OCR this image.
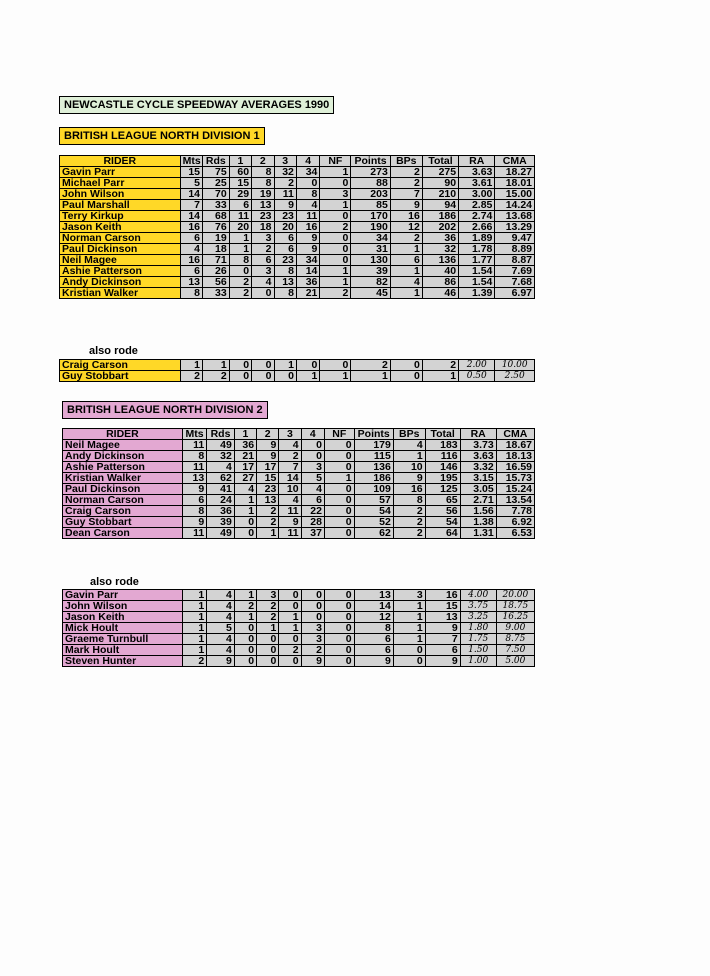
NEWCASTLE CYCLE SPEEDWAY AVERAGES 1990
BRITISH LEAGUE NORTH DIVISION 1
RIDER	Mts	Rds	1	2	3	4	NF	Points	BPs	Total	RA	CMA
Gavin Parr	15	75	60	8	32	34	1	273	2	275	3.63	18.27
Michael Parr	5	25	15	8	2	0	0	88	2	90	3.61	18.01
John Wilson	14	70	29	19	11	8	3	203	7	210	3.00	15.00
Paul Marshall	7	33	6	13	9	4	1	85	9	94	2.85	14.24
Terry Kirkup	14	68	11	23	23	11	0	170	16	186	2.74	13.68
Jason Keith	16	76	20	18	20	16	2	190	12	202	2.66	13.29
Norman Carson	6	19	1	3	6	9	0	34	2	36	1.89	9.47
Paul Dickinson	4	18	1	2	6	9	0	31	1	32	1.78	8.89
Neil Magee	16	71	8	6	23	34	0	130	6	136	1.77	8.87
Ashie Patterson	6	26	0	3	8	14	1	39	1	40	1.54	7.69
Andy Dickinson	13	56	2	4	13	36	1	82	4	86	1.54	7.68
Kristian Walker	8	33	2	0	8	21	2	45	1	46	1.39	6.97
also rode
Craig Carson	1	1	0	0	1	0	0	2	0	2	2.00	10.00
Guy Stobbart	2	2	0	0	0	1	1	1	0	1	0.50	2.50
BRITISH LEAGUE NORTH DIVISION 2
RIDER	Mts	Rds	1	2	3	4	NF	Points	BPs	Total	RA	CMA
Neil Magee	11	49	36	9	4	0	0	179	4	183	3.73	18.67
Andy Dickinson	8	32	21	9	2	0	0	115	1	116	3.63	18.13
Ashie Patterson	11	4	17	17	7	3	0	136	10	146	3.32	16.59
Kristian Walker	13	62	27	15	14	5	1	186	9	195	3.15	15.73
Paul Dickinson	9	41	4	23	10	4	0	109	16	125	3.05	15.24
Norman Carson	6	24	1	13	4	6	0	57	8	65	2.71	13.54
Craig Carson	8	36	1	2	11	22	0	54	2	56	1.56	7.78
Guy Stobbart	9	39	0	2	9	28	0	52	2	54	1.38	6.92
Dean Carson	11	49	0	1	11	37	0	62	2	64	1.31	6.53
also rode
Gavin Parr	1	4	1	3	0	0	0	13	3	16	4.00	20.00
John Wilson	1	4	2	2	0	0	0	14	1	15	3.75	18.75
Jason Keith	1	4	1	2	1	0	0	12	1	13	3.25	16.25
Mick Hoult	1	5	0	1	1	3	0	8	1	9	1.80	9.00
Graeme Turnbull	1	4	0	0	0	3	0	6	1	7	1.75	8.75
Mark Hoult	1	4	0	0	2	2	0	6	0	6	1.50	7.50
Steven Hunter	2	9	0	0	0	9	0	9	0	9	1.00	5.00
